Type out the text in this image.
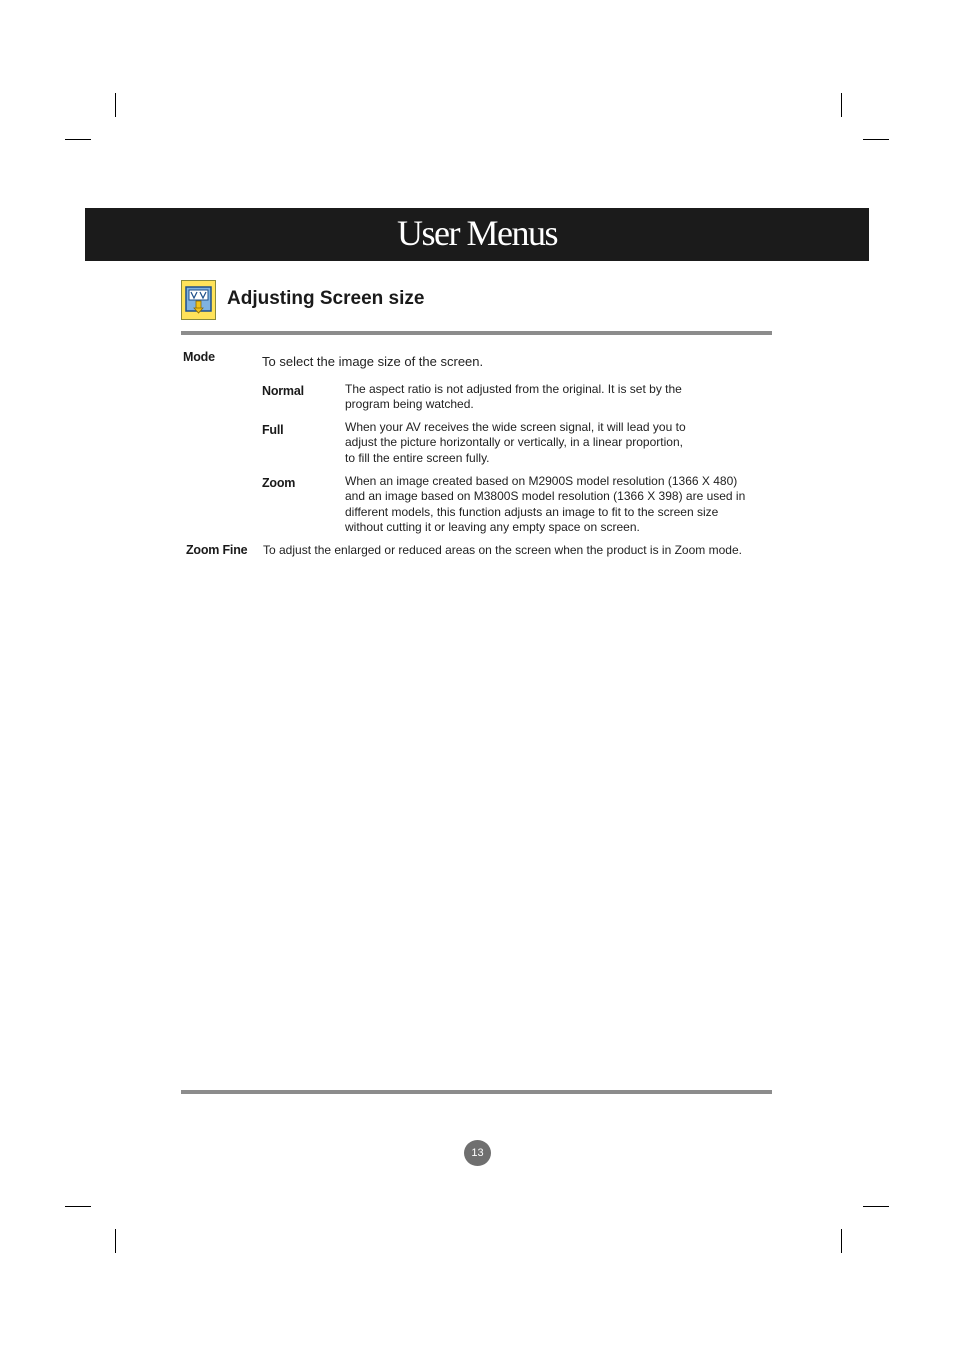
User Menus
Adjusting Screen size
Mode	To select the image size of the screen.
Normal	The aspect ratio is not adjusted from the original. It is set by the
program being watched.
Full	When your AV receives the wide screen signal, it will lead you to
adjust the picture horizontally or vertically, in a linear proportion,
to fill the entire screen fully.
Zoom	When an image created based on M2900S model resolution (1366 X 480)
and an image based on M3800S model resolution (1366 X 398) are used in
different models, this function adjusts an image to fit to the screen size
without cutting it or leaving any empty space on screen.
Zoom Fine To adjust the enlarged or reduced areas on the screen when the product is in Zoom mode.
13
